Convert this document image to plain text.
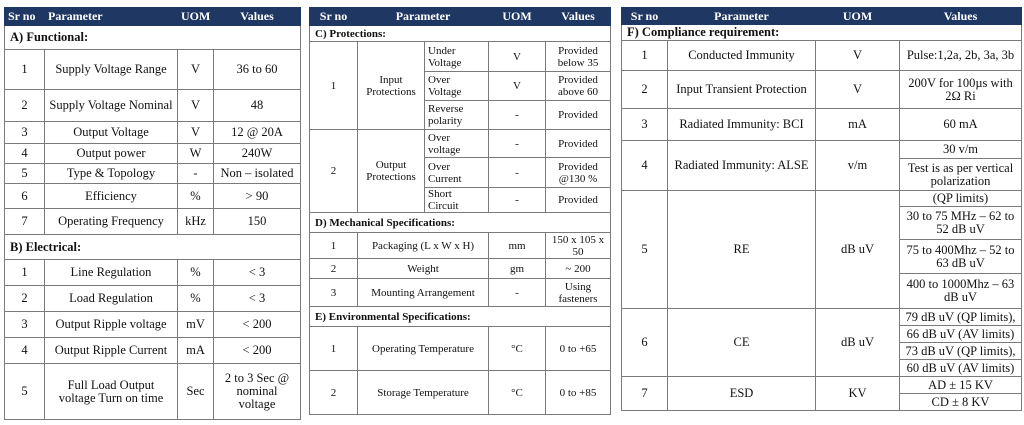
Sr no	Parameter	UOM	Values
A) Functional:			
1	Supply Voltage Range	V	36 to 60
2	Supply Voltage Nominal	V	48
3	Output Voltage	V	12 @ 20A
4	Output power	W	240W
5	Type & Topology	-	Non – isolated
6	Efficiency	%	> 90
7	Operating Frequency	kHz	150
B) Electrical:			
1	Line Regulation	%	< 3
2	Load Regulation	%	< 3
3	Output Ripple voltage	mV	< 200
4	Output Ripple Current	mA	< 200
5	Full Load Output voltage Turn on time	Sec	2 to 3 Sec @ nominal voltage
Sr no	Parameter		UOM	Values
C) Protections:				
1	Input Protections	Under Voltage	V	Provided below 35
		Over Voltage	V	Provided above 60
		Reverse polarity	-	Provided
2	Output Protections	Over voltage	-	Provided
		Over Current	-	Provided @130 %
		Short Circuit	-	Provided
D) Mechanical Specifications:				
1	Packaging (L x W x H)		mm	150 x 105 x 50
2	Weight		gm	~ 200
3	Mounting Arrangement		-	Using fasteners
E) Environmental Specifications:				
1	Operating Temperature		°C	0 to +65
2	Storage Temperature		°C	0 to +85
Sr no	Parameter	UOM	Values
F) Compliance requirement:			
1	Conducted Immunity	V	Pulse:1,2a, 2b, 3a, 3b
2	Input Transient Protection	V	200V for 100µs with 2Ω Ri
3	Radiated Immunity: BCI	mA	60 mA
4	Radiated Immunity: ALSE	v/m	30 v/m
			Test is as per vertical polarization
5	RE	dB uV	(QP limits)
			30 to 75 MHz – 62 to 52 dB uV
			75 to 400Mhz – 52 to 63 dB uV
			400 to 1000Mhz – 63 dB uV
6	CE	dB uV	79 dB uV (QP limits),
			66 dB uV (AV limits)
			73 dB uV (QP limits),
			60 dB uV (AV limits)
7	ESD	KV	AD ± 15 KV
			CD ± 8 KV
